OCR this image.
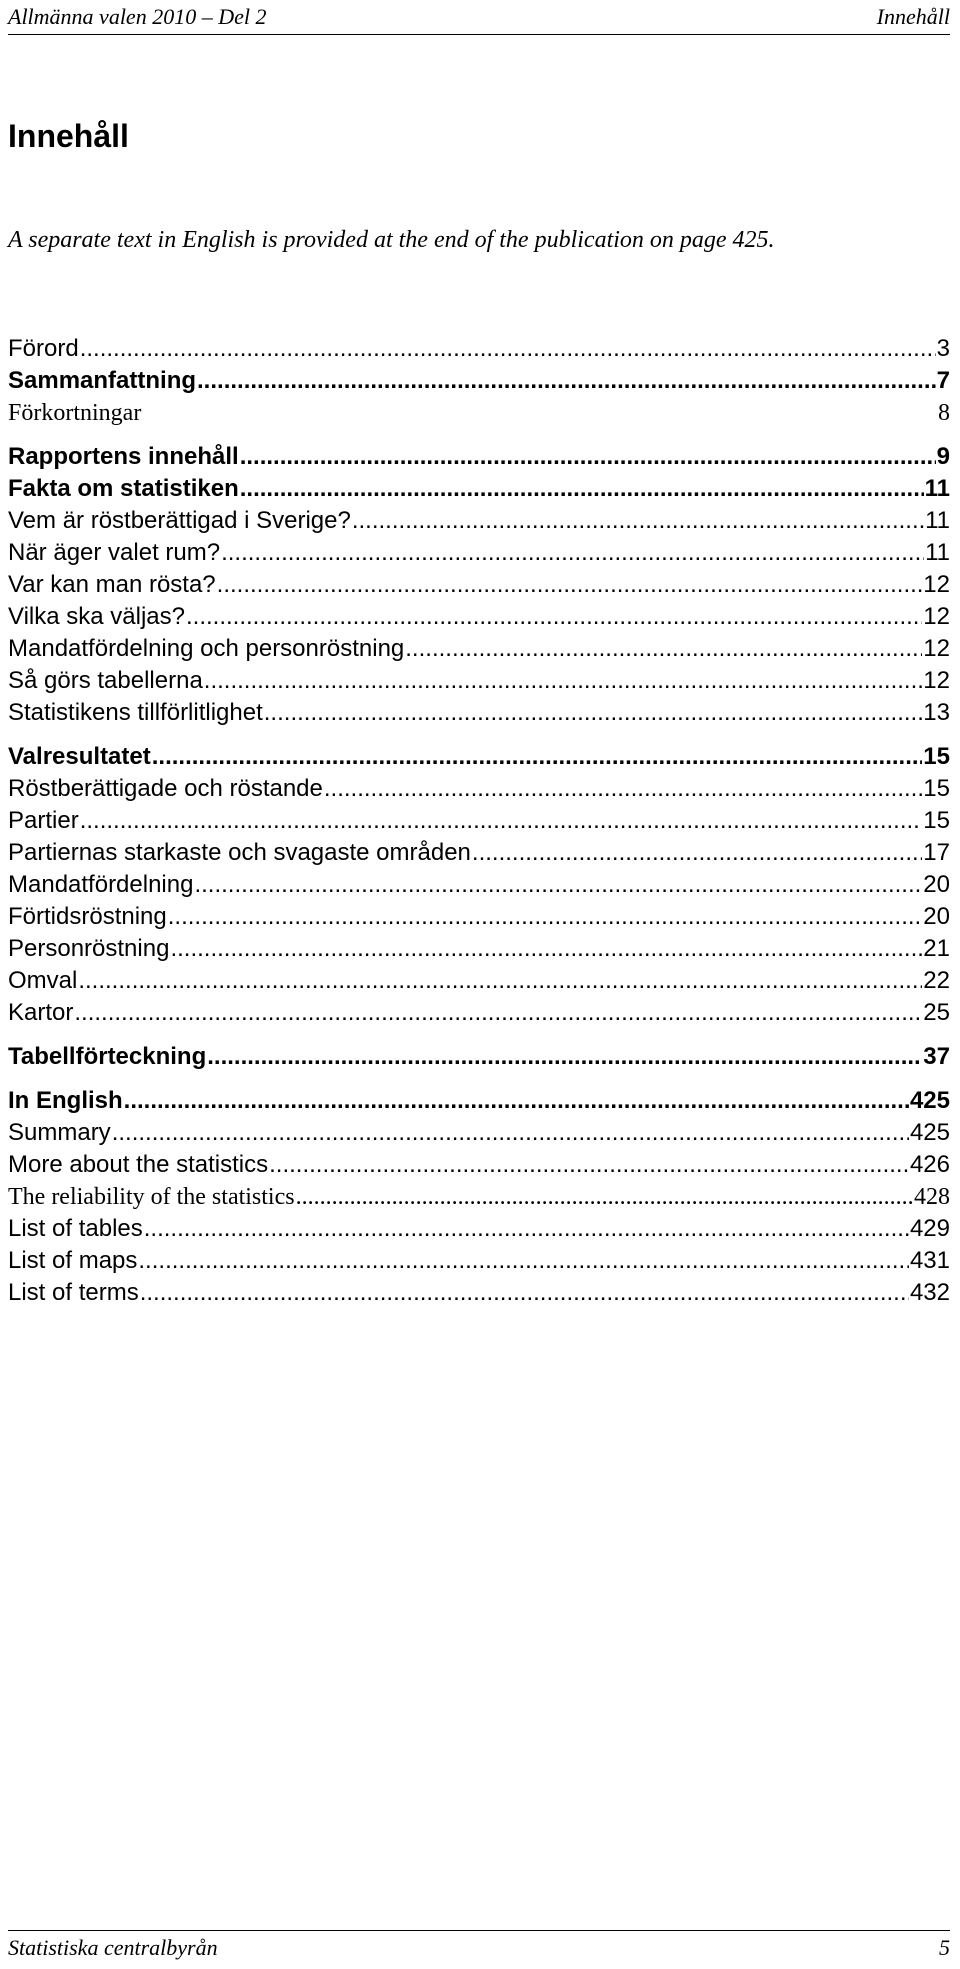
Allmänna valen 2010 – Del 2	Innehåll
Innehåll

A separate text in English is provided at the end of the publication on page 425.

Förord .....	3
Sammanfattning .....	7
Förkortningar	8
Rapportens innehåll .....	9
Fakta om statistiken .....	11
Vem är röstberättigad i Sverige? .....	11
När äger valet rum? .....	11
Var kan man rösta? .....	12
Vilka ska väljas? .....	12
Mandatfördelning och personröstning .....	12
Så görs tabellerna .....	12
Statistikens tillförlitlighet .....	13
Valresultatet .....	15
Röstberättigade och röstande .....	15
Partier .....	15
Partiernas starkaste och svagaste områden .....	17
Mandatfördelning .....	20
Förtidsröstning .....	20
Personröstning .....	21
Omval .....	22
Kartor .....	25
Tabellförteckning .....	37
In English .....	425
Summary .....	425
More about the statistics .....	426
The reliability of the statistics .....	428
List of tables .....	429
List of maps .....	431
List of terms .....	432
Statistiska centralbyrån	5
